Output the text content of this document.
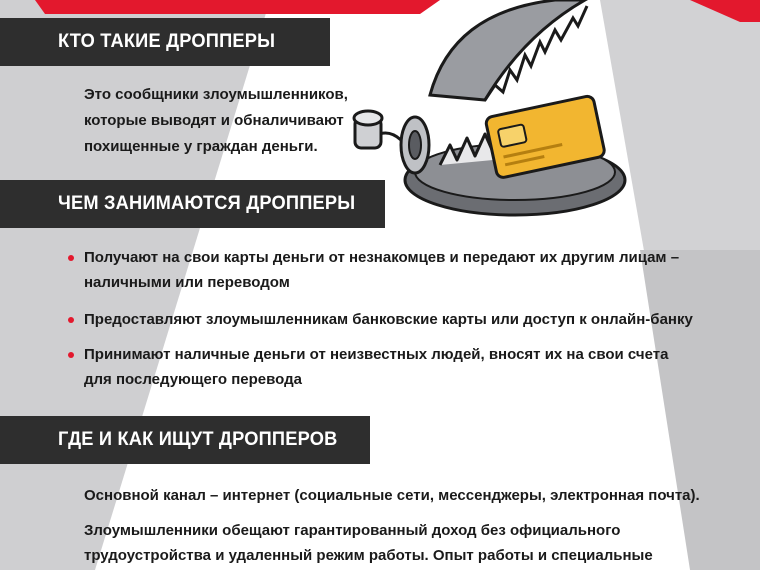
КТО ТАКИЕ ДРОППЕРЫ
Это сообщники злоумышленников,
которые выводят и обналичивают
похищенные у граждан деньги.
ЧЕМ ЗАНИМАЮТСЯ ДРОППЕРЫ
Получают на свои карты деньги от незнакомцев и передают их другим лицам –
наличными или переводом
Предоставляют злоумышленникам банковские карты или доступ к онлайн-банку
Принимают наличные деньги от неизвестных людей, вносят их на свои счета
для последующего перевода
ГДЕ И КАК ИЩУТ ДРОППЕРОВ
Основной канал – интернет (социальные сети, мессенджеры, электронная почта).
Злоумышленники обещают гарантированный доход без официального
трудоустройства и удаленный режим работы. Опыт работы и специальные
